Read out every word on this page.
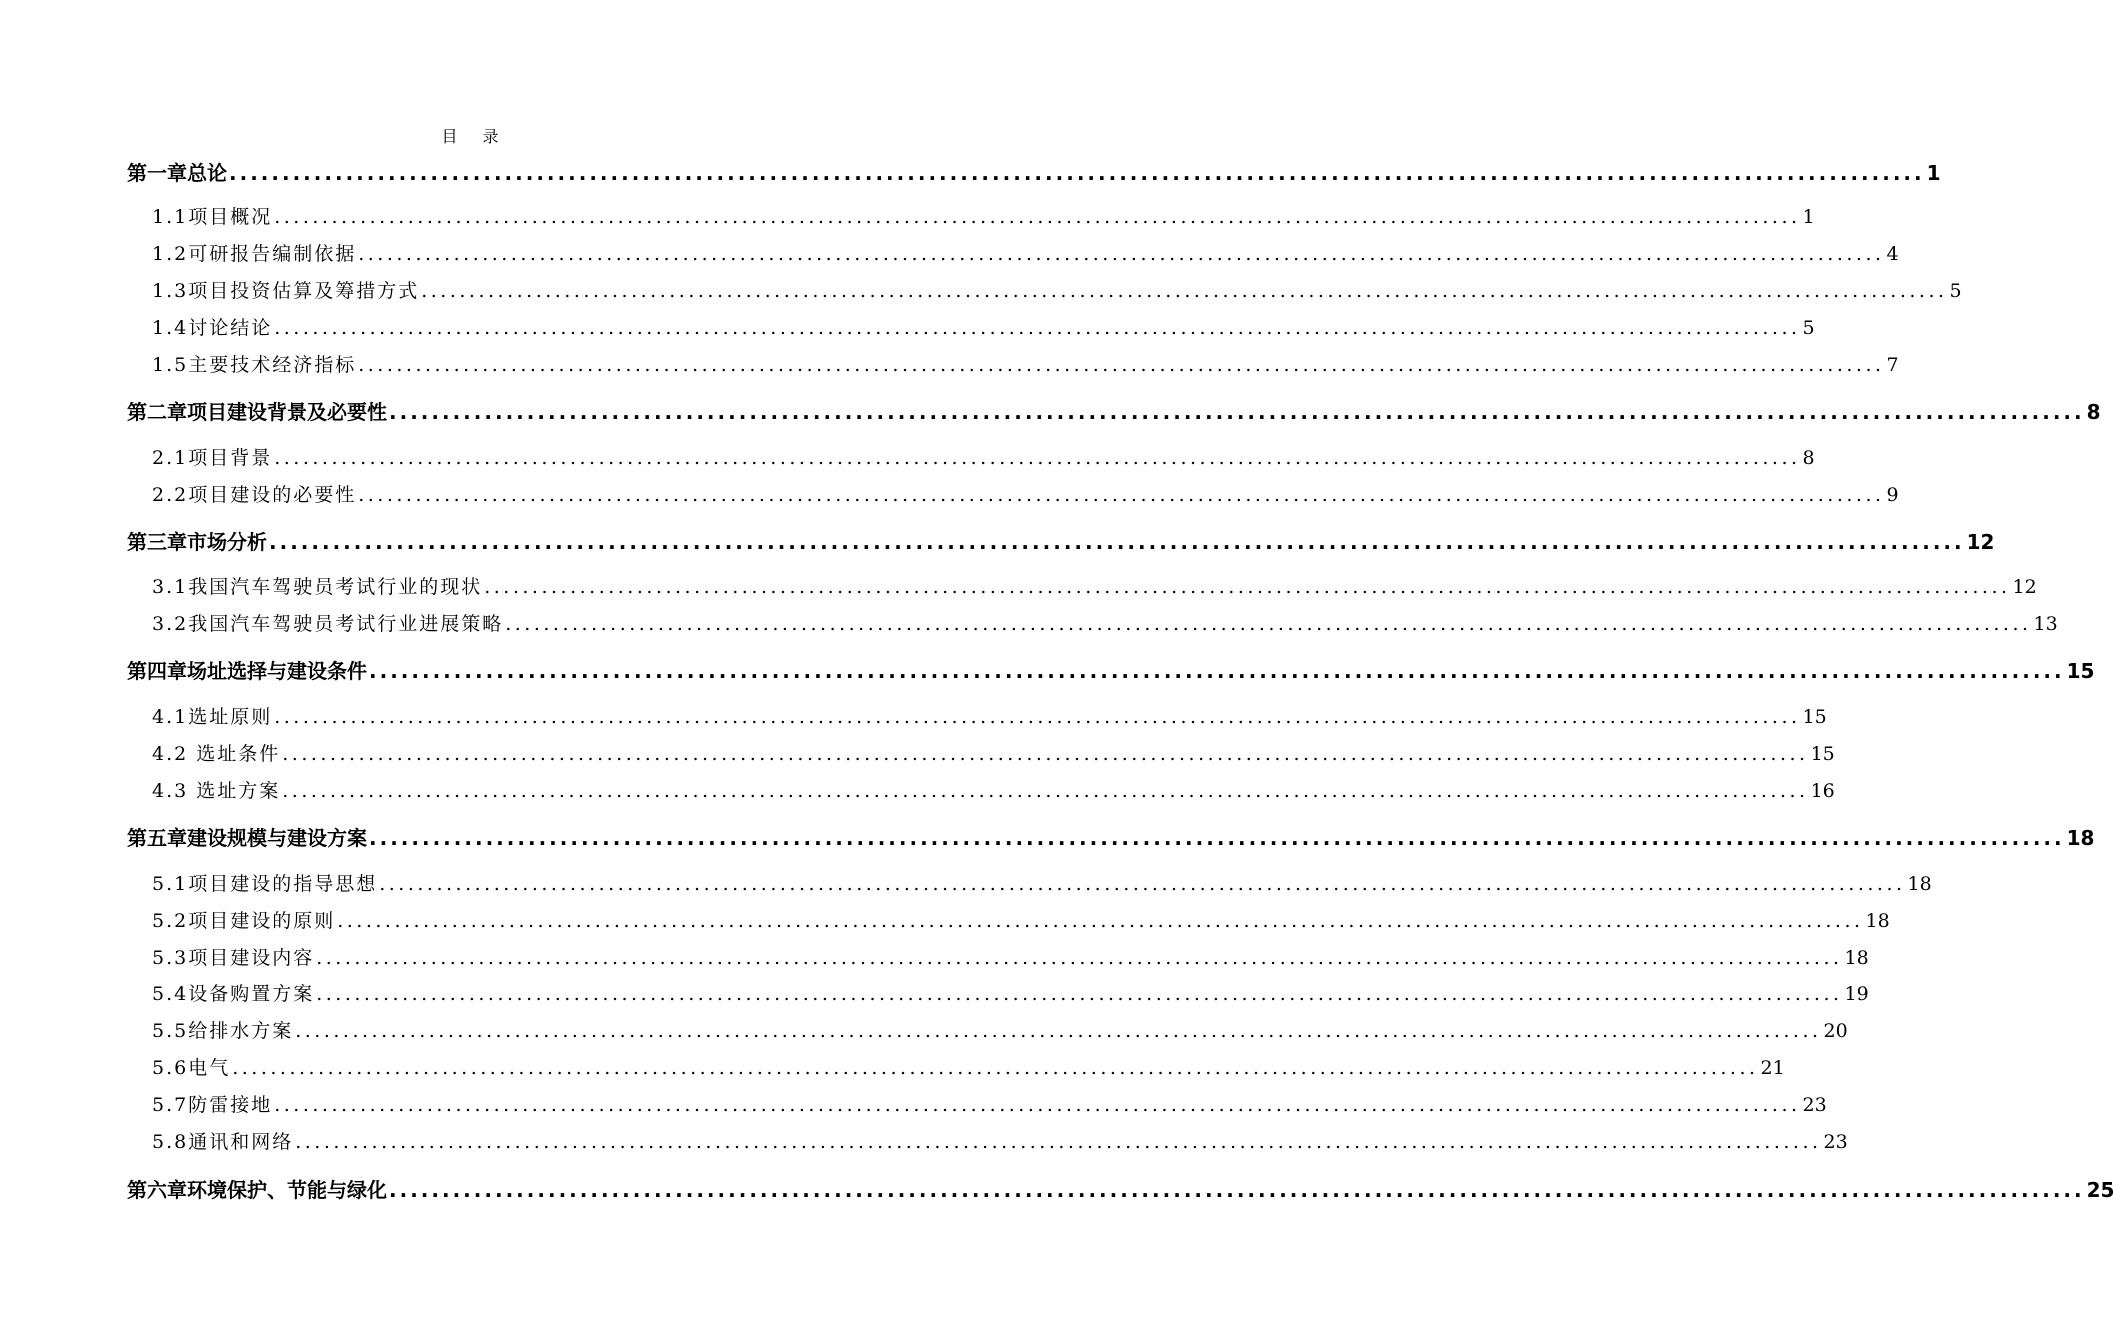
目 录
第一章 总论 ................................................................................................................................................................ 1
1.1项目概况 ................................................................................................................................................................ 1
1.2可研报告编制依据 ................................................................................................................................................................ 4
1.3项目投资估算及筹措方式 ................................................................................................................................................................ 5
1.4讨论结论 ................................................................................................................................................................ 5
1.5主要技术经济指标 ................................................................................................................................................................ 7
第二章 项目建设背景及必要性 ................................................................................................................................................................ 8
2.1项目背景 ................................................................................................................................................................ 8
2.2项目建设的必要性 ................................................................................................................................................................ 9
第三章 市场分析 ................................................................................................................................................................ 12
3.1我国汽车驾驶员考试行业的现状 ................................................................................................................................................................ 12
3.2我国汽车驾驶员考试行业进展策略 ................................................................................................................................................................ 13
第四章 场址选择与建设条件 ................................................................................................................................................................ 15
4.1选址原则 ................................................................................................................................................................ 15
4.2 选址条件 ................................................................................................................................................................ 15
4.3 选址方案 ................................................................................................................................................................ 16
第五章 建设规模与建设方案 ................................................................................................................................................................ 18
5.1项目建设的指导思想 ................................................................................................................................................................ 18
5.2项目建设的原则 ................................................................................................................................................................ 18
5.3项目建设内容 ................................................................................................................................................................ 18
5.4设备购置方案 ................................................................................................................................................................ 19
5.5给排水方案 ................................................................................................................................................................ 20
5.6电气 ................................................................................................................................................................ 21
5.7防雷接地 ................................................................................................................................................................ 23
5.8通讯和网络 ................................................................................................................................................................ 23
第六章 环境保护、节能与绿化 ................................................................................................................................................................ 25
